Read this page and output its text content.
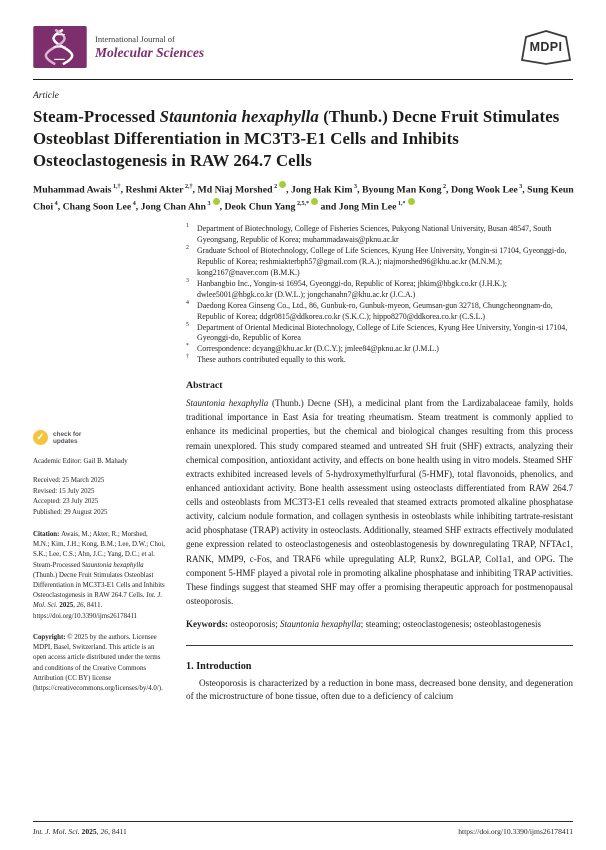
International Journal of
Molecular Sciences	MDPI
Article
Steam-Processed Stauntonia hexaphylla (Thunb.) Decne Fruit Stimulates Osteoblast Differentiation in MC3T3-E1 Cells and Inhibits Osteoclastogenesis in RAW 264.7 Cells
Muhammad Awais $^{1,\dagger}$, Reshmi Akter $^{2,\dagger}$, Md Niaj Morshed $^2$ , Jong Hak Kim $^3$, Byoung Man Kong $^2$, Dong Wook Lee $^3$, Sung Keun Choi $^4$, Chang Soon Lee $^4$, Jong Chan Ahn $^3$ , Deok Chun Yang $^{2,5,*}$ and Jong Min Lee $^{1,*}$
✓	check for
updates
Academic Editor: Gail B. Mahady
Received: 25 March 2025
Revised: 15 July 2025
Accepted: 23 July 2025
Published: 29 August 2025
Citation: Awais, M.; Akter, R.; Morshed, M.N.; Kim, J.H.; Kong, B.M.; Lee, D.W.; Choi, S.K.; Lee, C.S.; Ahn, J.C.; Yang, D.C.; et al. Steam-Processed Stauntonia hexaphylla (Thunb.) Decne Fruit Stimulates Osteoblast Differentiation in MC3T3-E1 Cells and Inhibits Osteoclastogenesis in RAW 264.7 Cells. Int. J. Mol. Sci. 2025, 26, 8411. https://doi.org/10.3390/ijms26178411
Copyright: © 2025 by the authors. Licensee MDPI, Basel, Switzerland. This article is an open access article distributed under the terms and conditions of the Creative Commons Attribution (CC BY) license (https://creativecommons.org/licenses/by/4.0/).
1	Department of Biotechnology, College of Fisheries Sciences, Pukyong National University, Busan 48547, South Gyeongsang, Republic of Korea; muhammadawais@pknu.ac.kr
2	Graduate School of Biotechnology, College of Life Sciences, Kyung Hee University, Yongin-si 17104, Gyeonggi-do, Republic of Korea; reshmiakterbph57@gmail.com (R.A.); niajmorshed96@khu.ac.kr (M.N.M.); kong2167@naver.com (B.M.K.)
3	Hanbangbio Inc., Yongin-si 16954, Gyeonggi-do, Republic of Korea; jhkim@hbgk.co.kr (J.H.K.); dwlee5001@hbgk.co.kr (D.W.L.); jongchanahn7@khu.ac.kr (J.C.A.)
4	Daedong Korea Ginseng Co., Ltd., 86, Gunbuk-ro, Gunbuk-myeon, Geumsan-gun 32718, Chungcheongnam-do, Republic of Korea; ddgr0815@ddkorea.co.kr (S.K.C.); hippo8270@ddkorea.co.kr (C.S.L.)
5	Department of Oriental Medicinal Biotechnology, College of Life Sciences, Kyung Hee University, Yongin-si 17104, Gyeonggi-do, Republic of Korea
*	Correspondence: dcyang@khu.ac.kr (D.C.Y.); jmlee84@pknu.ac.kr (J.M.L.)
†	These authors contributed equally to this work.
Abstract
Stauntonia hexaphylla (Thunb.) Decne (SH), a medicinal plant from the Lardizabalaceae family, holds traditional importance in East Asia for treating rheumatism. Steam treatment is commonly applied to enhance its medicinal properties, but the chemical and biological changes resulting from this process remain unexplored. This study compared steamed and untreated SH fruit (SHF) extracts, analyzing their chemical composition, antioxidant activity, and effects on bone health using in vitro models. Steamed SHF extracts exhibited increased levels of 5-hydroxymethylfurfural (5-HMF), total flavonoids, phenolics, and enhanced antioxidant activity. Bone health assessment using osteoclasts differentiated from RAW 264.7 cells and osteoblasts from MC3T3-E1 cells revealed that steamed extracts promoted alkaline phosphatase activity, calcium nodule formation, and collagen synthesis in osteoblasts while inhibiting tartrate-resistant acid phosphatase (TRAP) activity in osteoclasts. Additionally, steamed SHF extracts effectively modulated gene expression related to osteoclastogenesis and osteoblastogenesis by downregulating TRAP, NFTAc1, RANK, MMP9, c-Fos, and TRAF6 while upregulating ALP, Runx2, BGLAP, Col1a1, and OPG. The component 5-HMF played a pivotal role in promoting alkaline phosphatase and inhibiting TRAP activities. These findings suggest that steamed SHF may offer a promising therapeutic approach for postmenopausal osteoporosis.
Keywords: osteoporosis; Stauntonia hexaphylla; steaming; osteoclastogenesis; osteoblastogenesis
1. Introduction
Osteoporosis is characterized by a reduction in bone mass, decreased bone density, and degeneration of the microstructure of bone tissue, often due to a deficiency of calcium
Int. J. Mol. Sci. 2025, 26, 8411	https://doi.org/10.3390/ijms26178411
